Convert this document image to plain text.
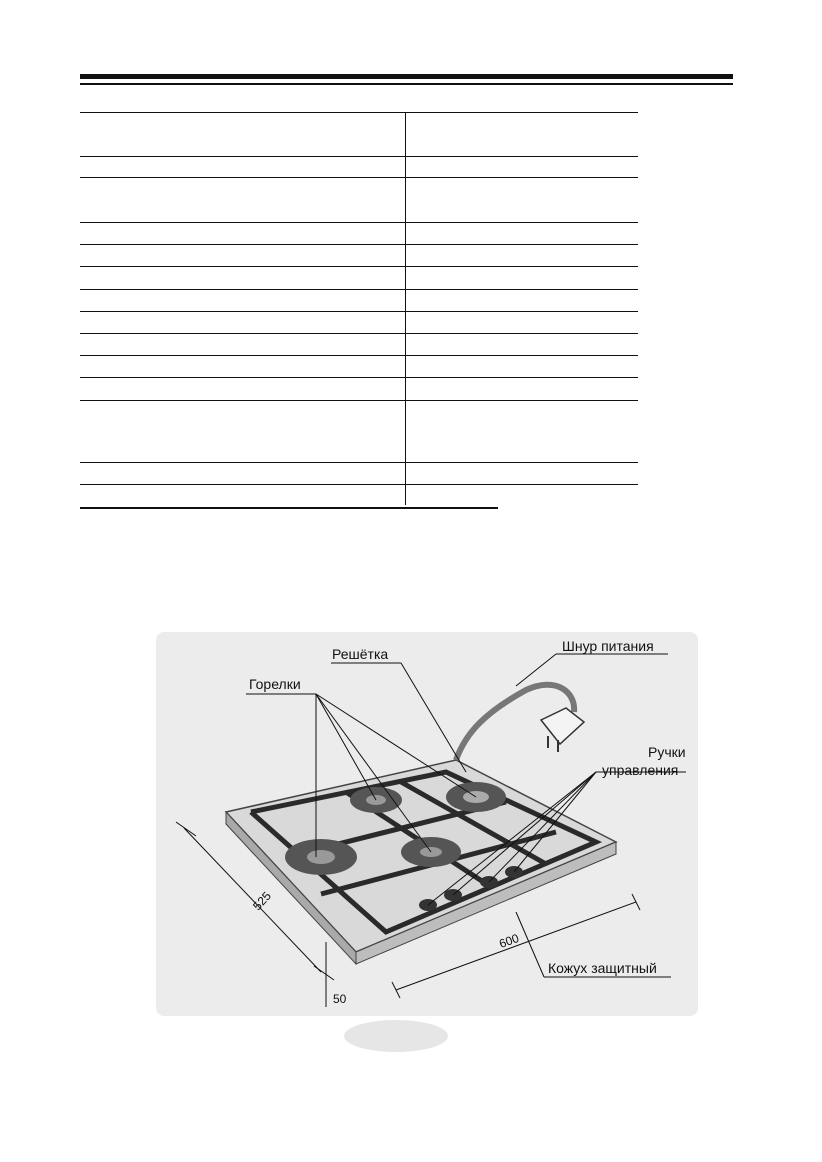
Решётка	Шнур питания
Горелки
Ручки
управления
Кожух защитный
525
600
50
